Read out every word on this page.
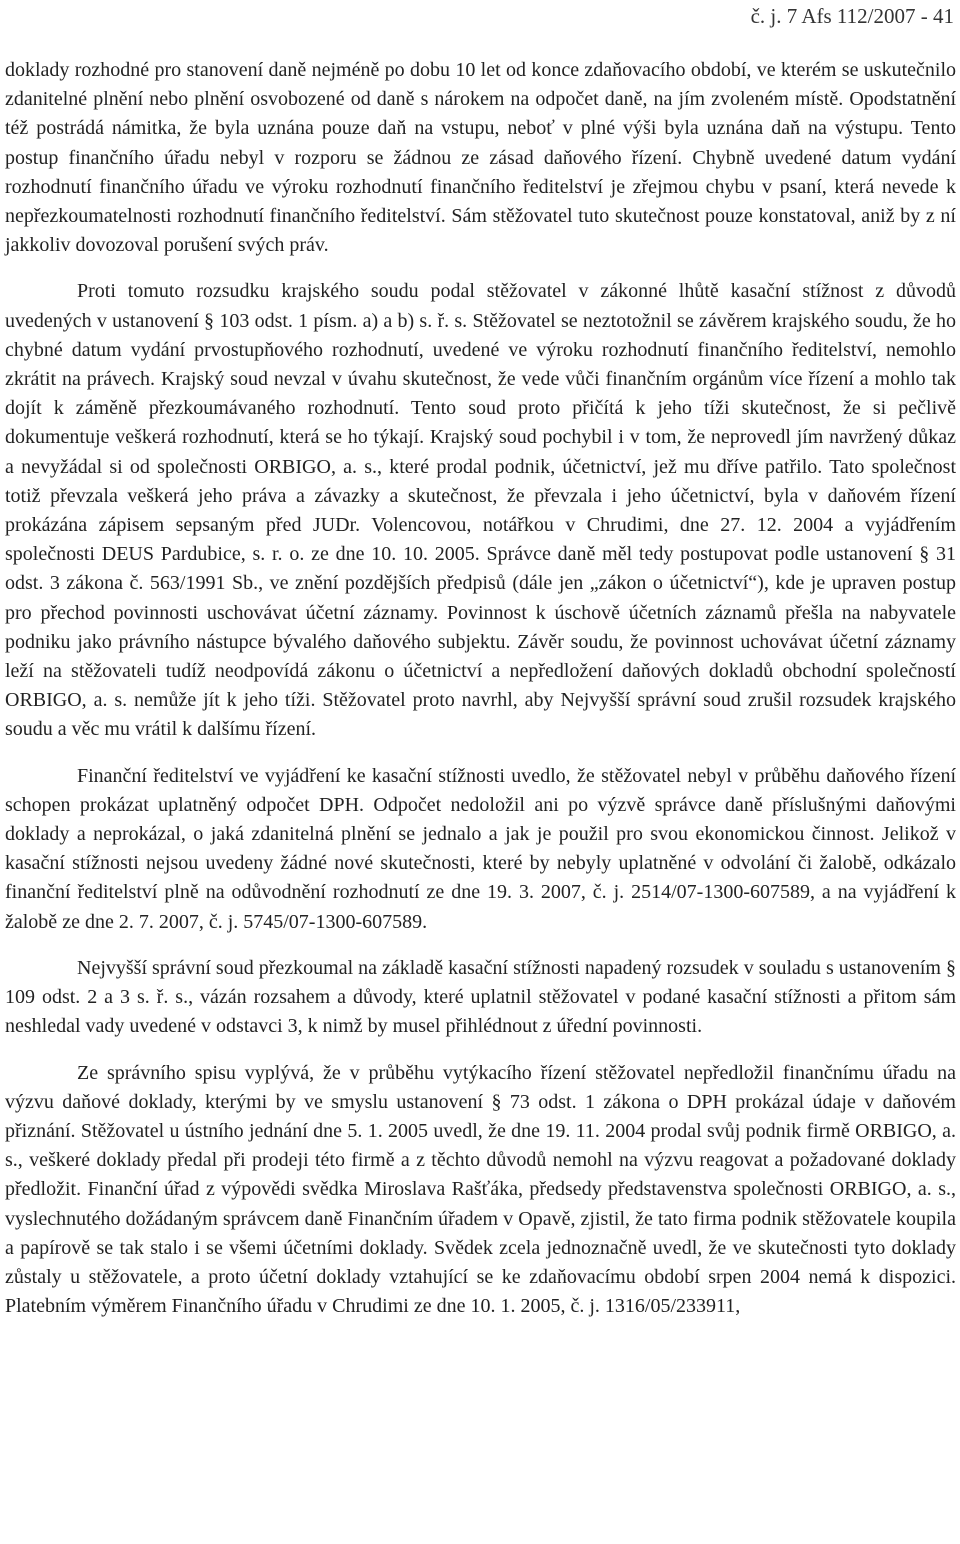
č. j. 7 Afs 112/2007 - 41

doklady rozhodné pro stanovení daně nejméně po dobu 10 let od konce zdaňovacího období, ve kterém se uskutečnilo zdanitelné plnění nebo plnění osvobozené od daně s nárokem na odpočet daně, na jím zvoleném místě. Opodstatnění též postrádá námitka, že byla uznána pouze daň na vstupu, neboť v plné výši byla uznána daň na výstupu. Tento postup finančního úřadu nebyl v rozporu se žádnou ze zásad daňového řízení. Chybně uvedené datum vydání rozhodnutí finančního úřadu ve výroku rozhodnutí finančního ředitelství je zřejmou chybu v psaní, která nevede k nepřezkoumatelnosti rozhodnutí finančního ředitelství. Sám stěžovatel tuto skutečnost pouze konstatoval, aniž by z ní jakkoliv dovozoval porušení svých práv.

Proti tomuto rozsudku krajského soudu podal stěžovatel v zákonné lhůtě kasační stížnost z důvodů uvedených v ustanovení § 103 odst. 1 písm. a) a b) s. ř. s. Stěžovatel se neztotožnil se závěrem krajského soudu, že ho chybné datum vydání prvostupňového rozhodnutí, uvedené ve výroku rozhodnutí finančního ředitelství, nemohlo zkrátit na právech. Krajský soud nevzal v úvahu skutečnost, že vede vůči finančním orgánům více řízení a mohlo tak dojít k záměně přezkoumávaného rozhodnutí. Tento soud proto přičítá k jeho tíži skutečnost, že si pečlivě dokumentuje veškerá rozhodnutí, která se ho týkají. Krajský soud pochybil i v tom, že neprovedl jím navržený důkaz a nevyžádal si od společnosti ORBIGO, a. s., které prodal podnik, účetnictví, jež mu dříve patřilo. Tato společnost totiž převzala veškerá jeho práva a závazky a skutečnost, že převzala i jeho účetnictví, byla v daňovém řízení prokázána zápisem sepsaným před JUDr. Volencovou, notářkou v Chrudimi, dne 27. 12. 2004 a vyjádřením společnosti DEUS Pardubice, s. r. o. ze dne 10. 10. 2005. Správce daně měl tedy postupovat podle ustanovení § 31 odst. 3 zákona č. 563/1991 Sb., ve znění pozdějších předpisů (dále jen „zákon o účetnictví“), kde je upraven postup pro přechod povinnosti uschovávat účetní záznamy. Povinnost k úschově účetních záznamů přešla na nabyvatele podniku jako právního nástupce bývalého daňového subjektu. Závěr soudu, že povinnost uchovávat účetní záznamy leží na stěžovateli tudíž neodpovídá zákonu o účetnictví a nepředložení daňových dokladů obchodní společností ORBIGO, a. s. nemůže jít k jeho tíži. Stěžovatel proto navrhl, aby Nejvyšší správní soud zrušil rozsudek krajského soudu a věc mu vrátil k dalšímu řízení.

Finanční ředitelství ve vyjádření ke kasační stížnosti uvedlo, že stěžovatel nebyl v průběhu daňového řízení schopen prokázat uplatněný odpočet DPH. Odpočet nedoložil ani po výzvě správce daně příslušnými daňovými doklady a neprokázal, o jaká zdanitelná plnění se jednalo a jak je použil pro svou ekonomickou činnost. Jelikož v kasační stížnosti nejsou uvedeny žádné nové skutečnosti, které by nebyly uplatněné v odvolání či žalobě, odkázalo finanční ředitelství plně na odůvodnění rozhodnutí ze dne 19. 3. 2007, č. j. 2514/07-1300-607589, a na vyjádření k žalobě ze dne 2. 7. 2007, č. j. 5745/07-1300-607589.

Nejvyšší správní soud přezkoumal na základě kasační stížnosti napadený rozsudek v souladu s ustanovením § 109 odst. 2 a 3 s. ř. s., vázán rozsahem a důvody, které uplatnil stěžovatel v podané kasační stížnosti a přitom sám neshledal vady uvedené v odstavci 3, k nimž by musel přihlédnout z úřední povinnosti.

Ze správního spisu vyplývá, že v průběhu vytýkacího řízení stěžovatel nepředložil finančnímu úřadu na výzvu daňové doklady, kterými by ve smyslu ustanovení § 73 odst. 1 zákona o DPH prokázal údaje v daňovém přiznání. Stěžovatel u ústního jednání dne 5. 1. 2005 uvedl, že dne 19. 11. 2004 prodal svůj podnik firmě ORBIGO, a. s., veškeré doklady předal při prodeji této firmě a z těchto důvodů nemohl na výzvu reagovat a požadované doklady předložit. Finanční úřad z výpovědi svědka Miroslava Rašťáka, předsedy představenstva společnosti ORBIGO, a. s., vyslechnutého dožádaným správcem daně Finančním úřadem v Opavě, zjistil, že tato firma podnik stěžovatele koupila a papírově se tak stalo i se všemi účetními doklady. Svědek zcela jednoznačně uvedl, že ve skutečnosti tyto doklady zůstaly u stěžovatele, a proto účetní doklady vztahující se ke zdaňovacímu období srpen 2004 nemá k dispozici. Platebním výměrem Finančního úřadu v Chrudimi ze dne 10. 1. 2005, č. j. 1316/05/233911,
